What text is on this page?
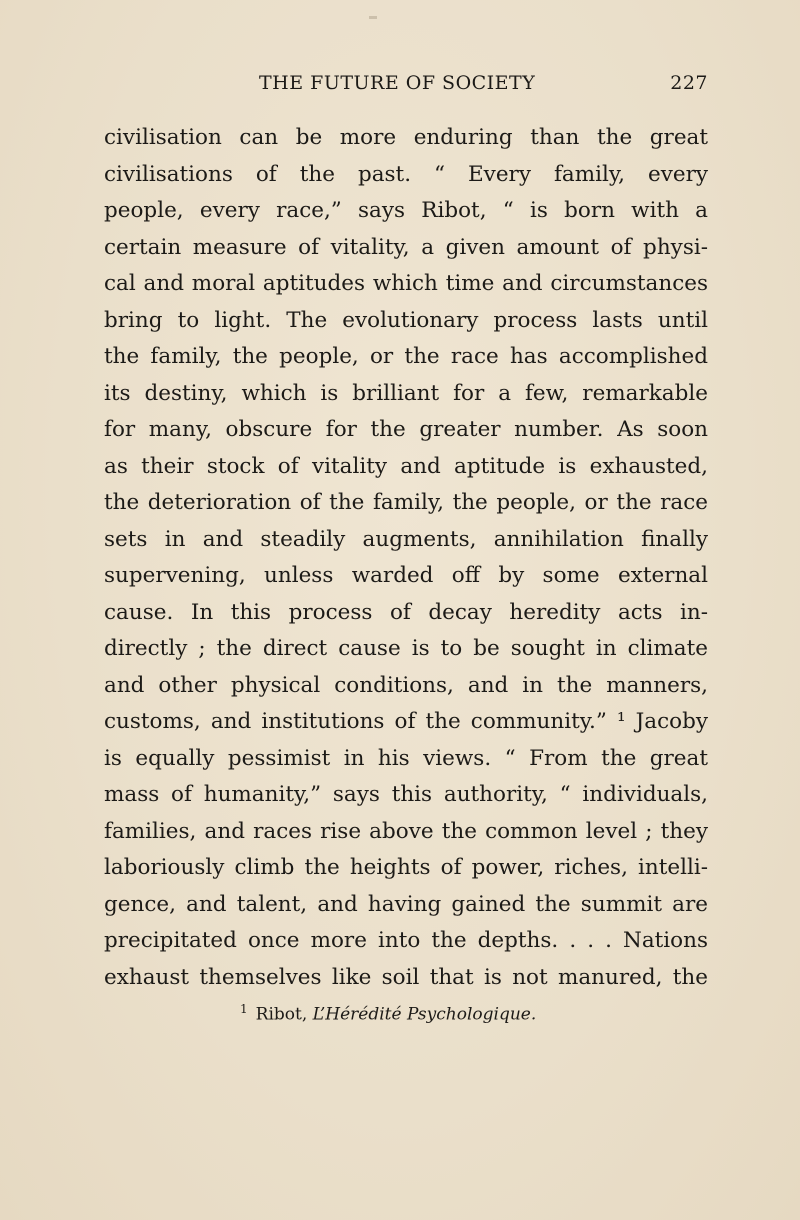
THE FUTURE OF SOCIETY	227
civilisation can be more enduring than the great
civilisations of the past. “ Every family, every
people, every race,” says Ribot, “ is born with a
certain measure of vitality, a given amount of physi-
cal and moral aptitudes which time and circumstances
bring to light. The evolutionary process lasts until
the family, the people, or the race has accomplished
its destiny, which is brilliant for a few, remarkable
for many, obscure for the greater number. As soon
as their stock of vitality and aptitude is exhausted,
the deterioration of the family, the people, or the race
sets in and steadily augments, annihilation finally
supervening, unless warded off by some external
cause. In this process of decay heredity acts in-
directly ; the direct cause is to be sought in climate
and other physical conditions, and in the manners,
customs, and institutions of the community.” ¹ Jacoby
is equally pessimist in his views. “ From the great
mass of humanity,” says this authority, “ individuals,
families, and races rise above the common level ; they
laboriously climb the heights of power, riches, intelli-
gence, and talent, and having gained the summit are
precipitated once more into the depths. . . . Nations
exhaust themselves like soil that is not manured, the
$^1$ Ribot, L’Hérédité Psychologique.
